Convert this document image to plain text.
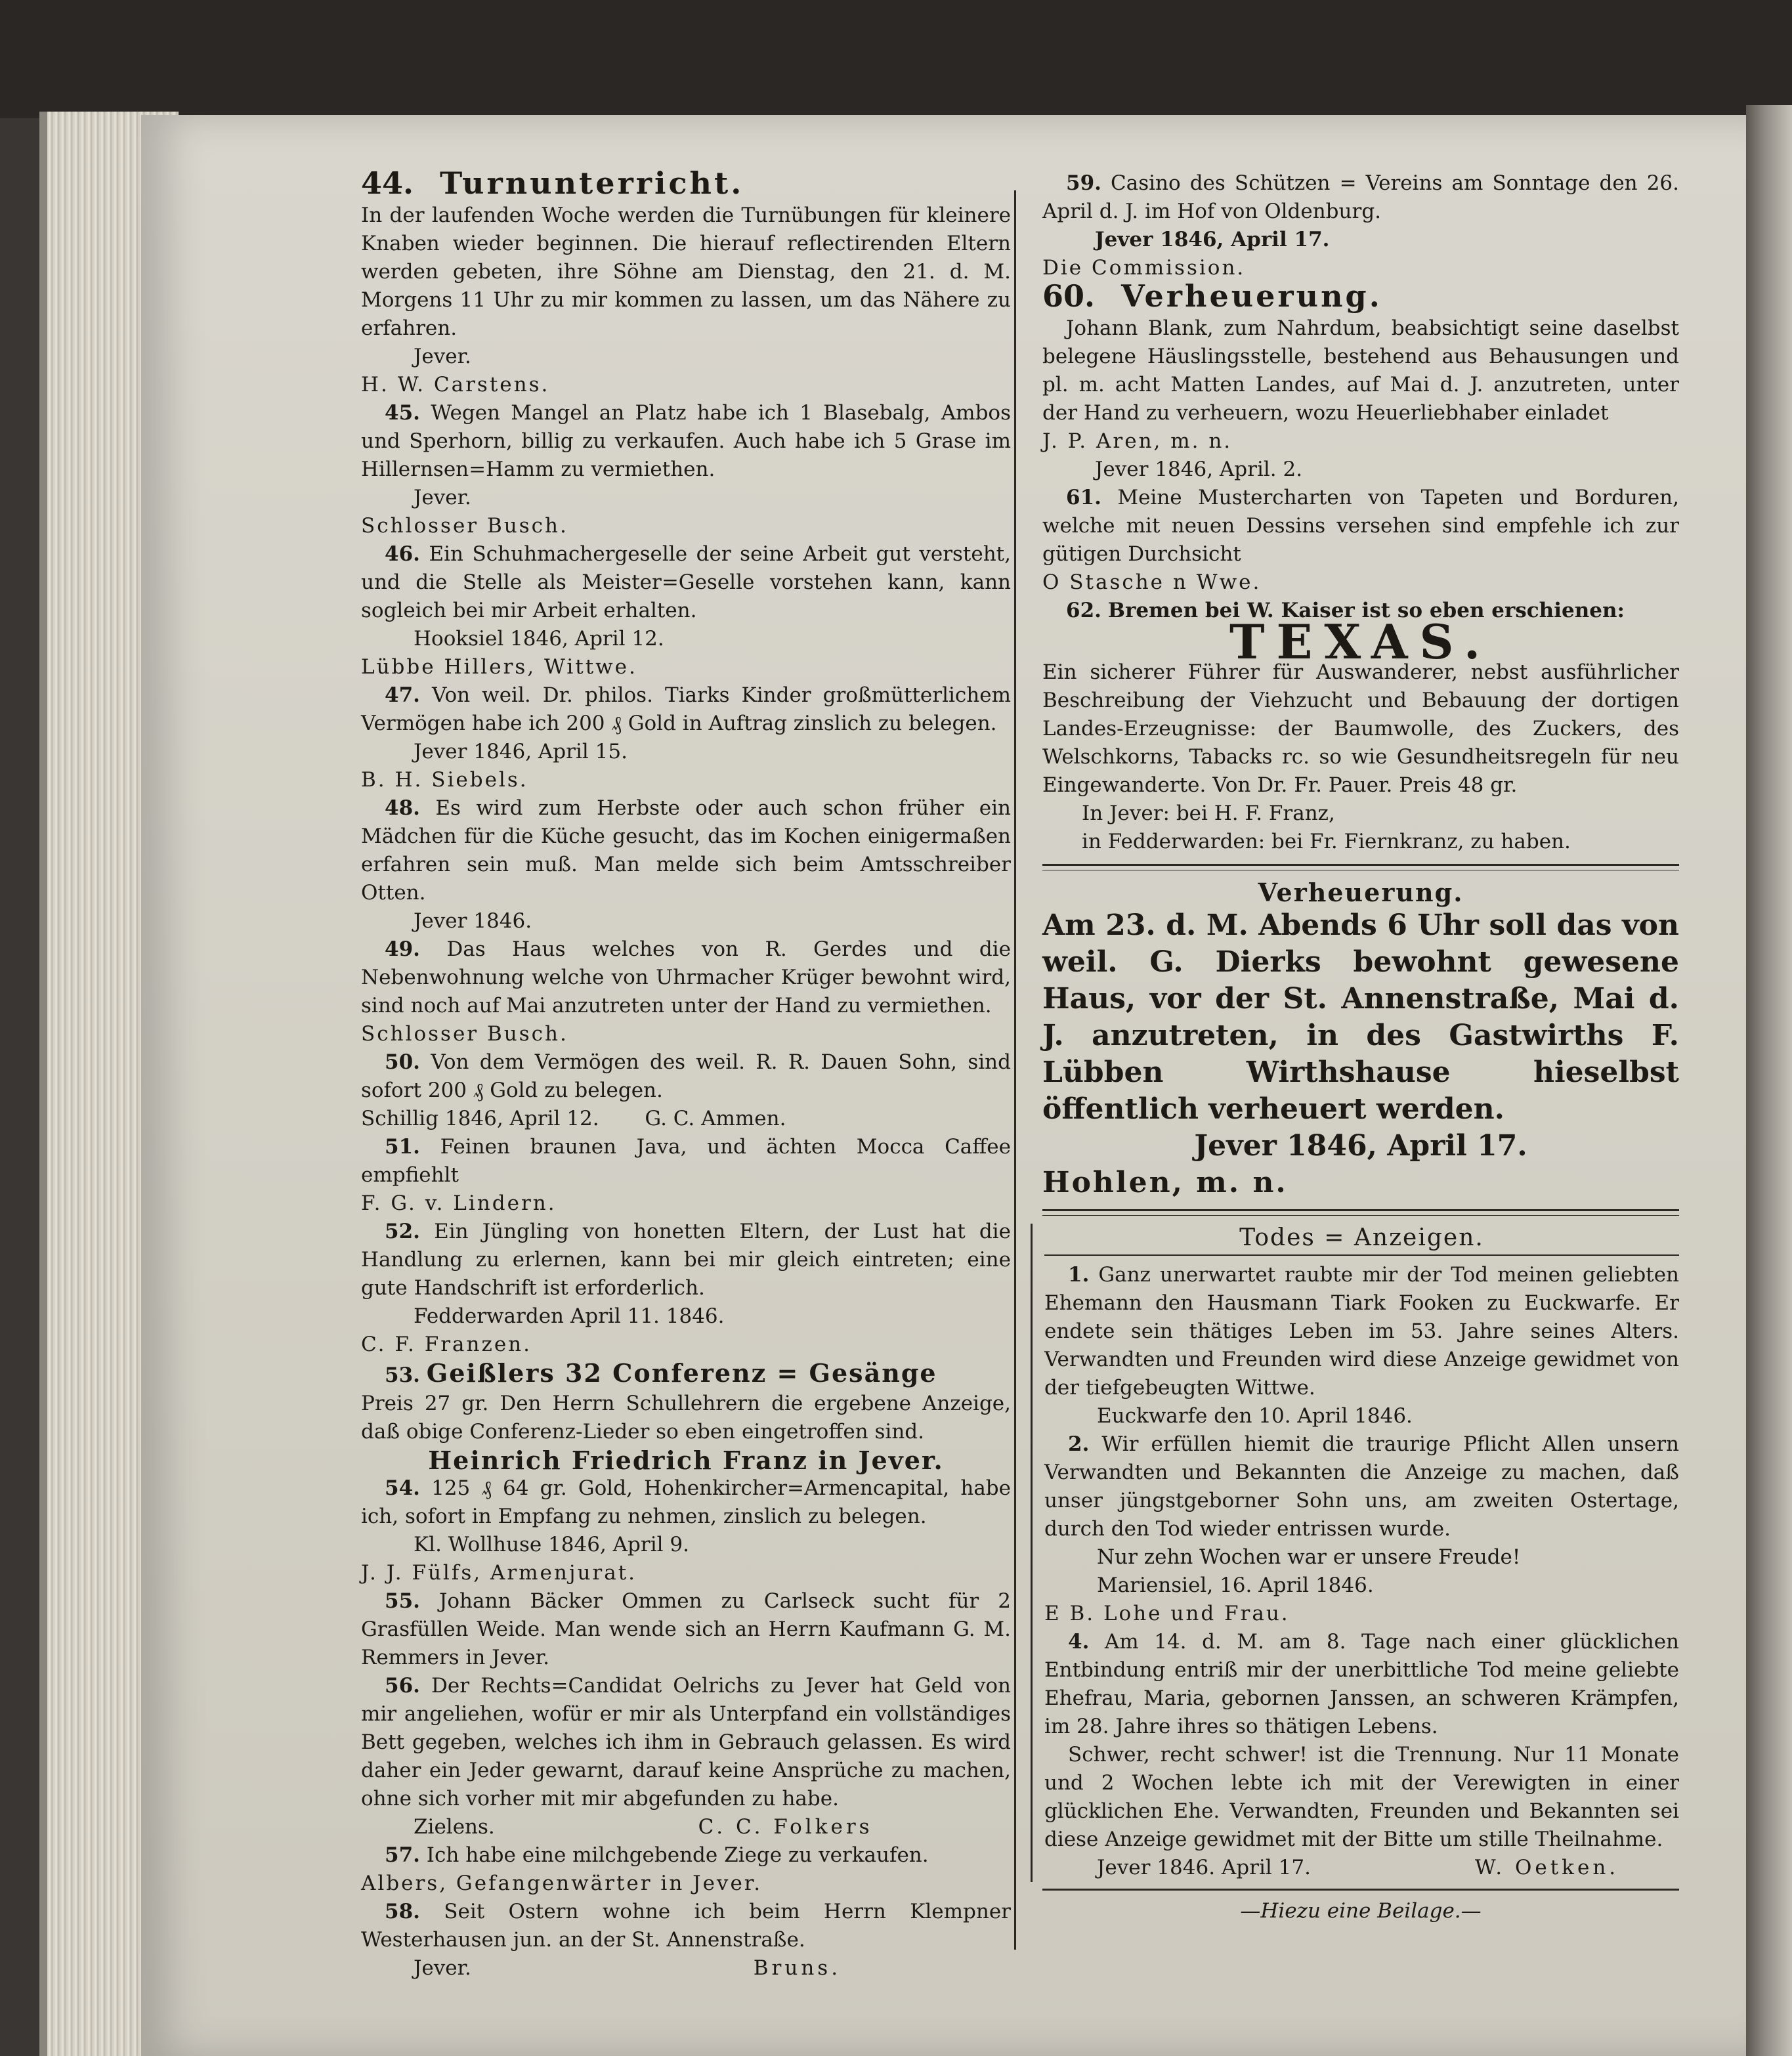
44. Turnunterricht.

In der laufenden Woche werden die Turnübungen für kleinere Knaben wieder beginnen. Die hierauf reflectirenden Eltern werden gebeten, ihre Söhne am Dienstag, den 21. d. M. Morgens 11 Uhr zu mir kommen zu lassen, um das Nähere zu erfahren.

Jever.

H. W. Carstens.

45. Wegen Mangel an Platz habe ich 1 Blasebalg, Ambos und Sperhorn, billig zu verkaufen. Auch habe ich 5 Grase im Hillernsen=Hamm zu vermiethen.

Jever.

Schlosser Busch.

46. Ein Schuhmachergeselle der seine Arbeit gut versteht, und die Stelle als Meister=Geselle vorstehen kann, kann sogleich bei mir Arbeit erhalten.

Hooksiel 1846, April 12.

Lübbe Hillers, Wittwe.

47. Von weil. Dr. philos. Tiarks Kinder großmütterlichem Vermögen habe ich 200 ₰ Gold in Auftrag zinslich zu belegen.

Jever 1846, April 15.

B. H. Siebels.

48. Es wird zum Herbste oder auch schon früher ein Mädchen für die Küche gesucht, das im Kochen einigermaßen erfahren sein muß. Man melde sich beim Amtsschreiber Otten.

Jever 1846.

49. Das Haus welches von R. Gerdes und die Nebenwohnung welche von Uhrmacher Krüger bewohnt wird, sind noch auf Mai anzutreten unter der Hand zu vermiethen.

Schlosser Busch.

50. Von dem Vermögen des weil. R. R. Dauen Sohn, sind sofort 200 ₰ Gold zu belegen.

Schillig 1846, April 12. G. C. Ammen.

51. Feinen braunen Java, und ächten Mocca Caffee empfiehlt

F. G. v. Lindern.

52. Ein Jüngling von honetten Eltern, der Lust hat die Handlung zu erlernen, kann bei mir gleich eintreten; eine gute Handschrift ist erforderlich.

Fedderwarden April 11. 1846.

C. F. Franzen.

53. Geißlers 32 Conferenz = Gesänge

Preis 27 gr. Den Herrn Schullehrern die ergebene Anzeige, daß obige Conferenz-Lieder so eben eingetroffen sind.

Heinrich Friedrich Franz in Jever.

54. 125 ₰ 64 gr. Gold, Hohenkircher=Armencapital, habe ich, sofort in Empfang zu nehmen, zinslich zu belegen.

Kl. Wollhuse 1846, April 9.

J. J. Fülfs, Armenjurat.

55. Johann Bäcker Ommen zu Carlseck sucht für 2 Grasfüllen Weide. Man wende sich an Herrn Kaufmann G. M. Remmers in Jever.

56. Der Rechts=Candidat Oelrichs zu Jever hat Geld von mir angeliehen, wofür er mir als Unterpfand ein vollständiges Bett gegeben, welches ich ihm in Gebrauch gelassen. Es wird daher ein Jeder gewarnt, darauf keine Ansprüche zu machen, ohne sich vorher mit mir abgefunden zu habe.

Zielens.	C. C. Folkers

57. Ich habe eine milchgebende Ziege zu verkaufen.

Albers, Gefangenwärter in Jever.

58. Seit Ostern wohne ich beim Herrn Klempner Westerhausen jun. an der St. Annenstraße.

Jever.	Bruns.

59. Casino des Schützen = Vereins am Sonntage den 26. April d. J. im Hof von Oldenburg.

Jever 1846, April 17.

Die Commission.

60. Verheuerung.

Johann Blank, zum Nahrdum, beabsichtigt seine daselbst belegene Häuslingsstelle, bestehend aus Behausungen und pl. m. acht Matten Landes, auf Mai d. J. anzutreten, unter der Hand zu verheuern, wozu Heuerliebhaber einladet

J. P. Aren, m. n.

Jever 1846, April. 2.

61. Meine Mustercharten von Tapeten und Borduren, welche mit neuen Dessins versehen sind empfehle ich zur gütigen Durchsicht

O Stasche n Wwe.

62. Bremen bei W. Kaiser ist so eben erschienen:

TEXAS.

Ein sicherer Führer für Auswanderer, nebst ausführlicher Beschreibung der Viehzucht und Bebauung der dortigen Landes-Erzeugnisse: der Baumwolle, des Zuckers, des Welschkorns, Tabacks rc. so wie Gesundheitsregeln für neu Eingewanderte. Von Dr. Fr. Pauer. Preis 48 gr.

In Jever: bei H. F. Franz,

in Fedderwarden: bei Fr. Fiernkranz, zu haben.

Verheuerung.

Am 23. d. M. Abends 6 Uhr soll das von weil. G. Dierks bewohnt gewesene Haus, vor der St. Annenstraße, Mai d. J. anzutreten, in des Gastwirths F. Lübben Wirthshause hieselbst öffentlich verheuert werden.

Jever 1846, April 17.

Hohlen, m. n.

Todes = Anzeigen.

1. Ganz unerwartet raubte mir der Tod meinen geliebten Ehemann den Hausmann Tiark Fooken zu Euckwarfe. Er endete sein thätiges Leben im 53. Jahre seines Alters. Verwandten und Freunden wird diese Anzeige gewidmet von der tiefgebeugten Wittwe.

Euckwarfe den 10. April 1846.

2. Wir erfüllen hiemit die traurige Pflicht Allen unsern Verwandten und Bekannten die Anzeige zu machen, daß unser jüngstgeborner Sohn uns, am zweiten Ostertage, durch den Tod wieder entrissen wurde.

Nur zehn Wochen war er unsere Freude!

Mariensiel, 16. April 1846.

E B. Lohe und Frau.

4. Am 14. d. M. am 8. Tage nach einer glücklichen Entbindung entriß mir der unerbittliche Tod meine geliebte Ehefrau, Maria, gebornen Janssen, an schweren Krämpfen, im 28. Jahre ihres so thätigen Lebens.

Schwer, recht schwer! ist die Trennung. Nur 11 Monate und 2 Wochen lebte ich mit der Verewigten in einer glücklichen Ehe. Verwandten, Freunden und Bekannten sei diese Anzeige gewidmet mit der Bitte um stille Theilnahme.

Jever 1846. April 17.	W. Oetken.

—Hiezu eine Beilage.—
